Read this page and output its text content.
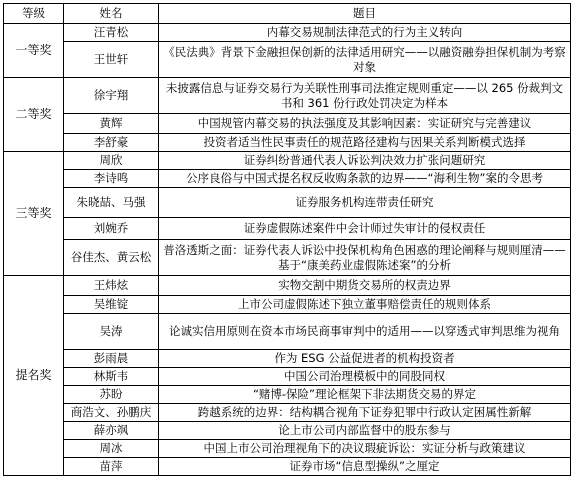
等级	姓名	题目
一等奖	汪青松	内幕交易规制法律范式的行为主义转向
	王世轩	《民法典》背景下金融担保创新的法律适用研究——以融资融券担保机制为考察对象
二等奖	徐宇翔	未披露信息与证券交易行为关联性刑事司法推定规则重定——以 265 份裁判文书和 361 份行政处罚决定为样本
	黄辉	中国规管内幕交易的执法强度及其影响因素：实证研究与完善建议
	李舒豪	投资者适当性民事责任的规范路径建构与因果关系判断模式选择
三等奖	周欣	证券纠纷普通代表人诉讼判决效力扩张问题研究
	李诗鸣	公序良俗与中国式提名权反收购条款的边界——“海利生物”案的令思考
	朱晓喆、马强	证券服务机构连带责任研究
	刘婉乔	证券虚假陈述案件中会计师过失审计的侵权责任
	谷佳杰、黄云松	普洛透斯之面：证券代表人诉讼中投保机构角色困惑的理论阐释与规则厘清——基于“康美药业虚假陈述案”的分析
提名奖	王炜炫	实物交割中期货交易所的权责边界
	吴维锭	上市公司虚假陈述下独立董事赔偿责任的规则体系
	吴涛	论诚实信用原则在资本市场民商事审判中的适用——以穿透式审判思维为视角
	彭雨晨	作为 ESG 公益促进者的机构投资者
	林斯韦	中国公司治理模板中的同股同权
	苏盼	“赌博-保险”理论框架下非法期货交易的界定
	商浩文、孙鹏庆	跨越系统的边界：结构耦合视角下证券犯罪中行政认定困属性新解
	薛亦飒	论上市公司内部监督中的股东参与
	周冰	中国上市公司治理视角下的决议瑕疵诉讼：实证分析与政策建议
	苗萍	证券市场“信息型操纵”之厘定
